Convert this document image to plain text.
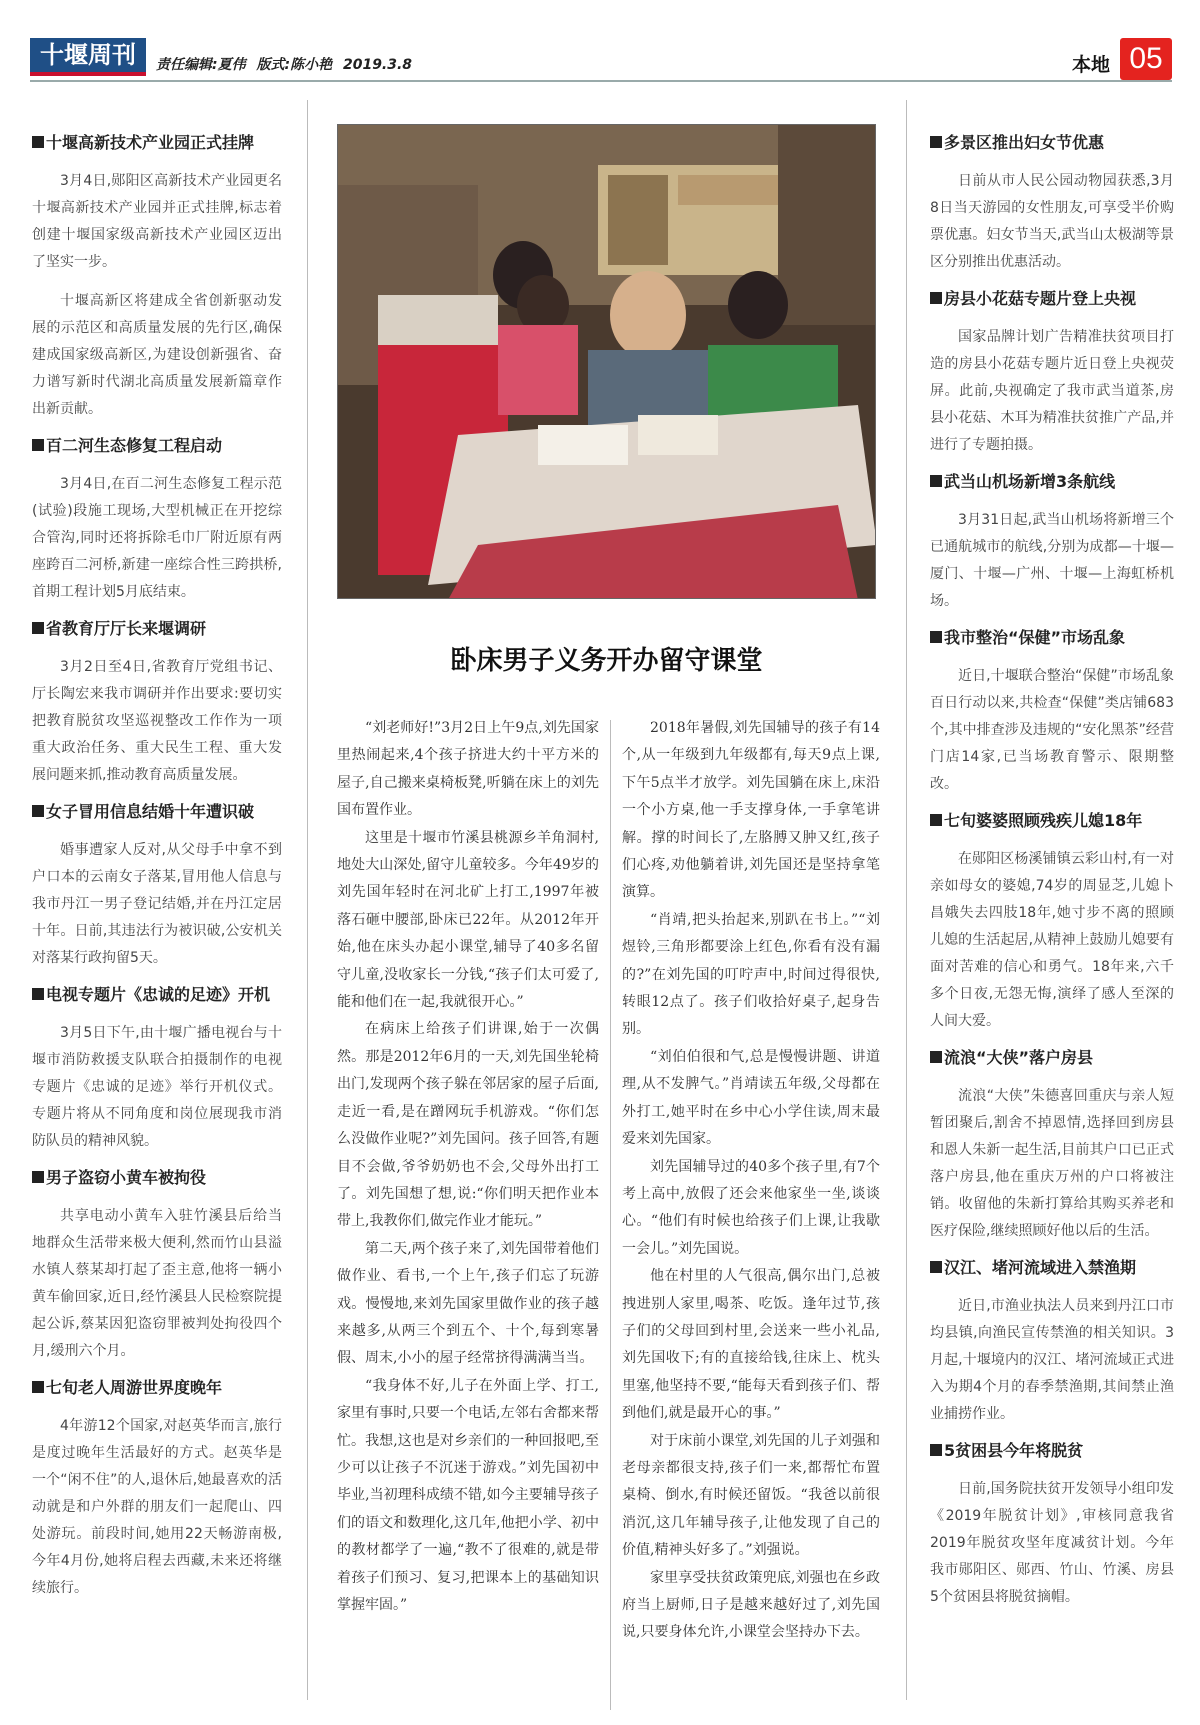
十堰周刊	责任编辑:夏伟 版式:陈小艳 2019.3.8	本地 05
十堰高新技术产业园正式挂牌

3月4日,郧阳区高新技术产业园更名十堰高新技术产业园并正式挂牌,标志着创建十堰国家级高新技术产业园区迈出了坚实一步。

十堰高新区将建成全省创新驱动发展的示范区和高质量发展的先行区,确保建成国家级高新区,为建设创新强省、奋力谱写新时代湖北高质量发展新篇章作出新贡献。

百二河生态修复工程启动

3月4日,在百二河生态修复工程示范(试验)段施工现场,大型机械正在开挖综合管沟,同时还将拆除毛巾厂附近原有两座跨百二河桥,新建一座综合性三跨拱桥,首期工程计划5月底结束。

省教育厅厅长来堰调研

3月2日至4日,省教育厅党组书记、厅长陶宏来我市调研并作出要求:要切实把教育脱贫攻坚巡视整改工作作为一项重大政治任务、重大民生工程、重大发展问题来抓,推动教育高质量发展。

女子冒用信息结婚十年遭识破

婚事遭家人反对,从父母手中拿不到户口本的云南女子落某,冒用他人信息与我市丹江一男子登记结婚,并在丹江定居十年。日前,其违法行为被识破,公安机关对落某行政拘留5天。

电视专题片《忠诚的足迹》开机

3月5日下午,由十堰广播电视台与十堰市消防救援支队联合拍摄制作的电视专题片《忠诚的足迹》举行开机仪式。专题片将从不同角度和岗位展现我市消防队员的精神风貌。

男子盗窃小黄车被拘役

共享电动小黄车入驻竹溪县后给当地群众生活带来极大便利,然而竹山县溢水镇人蔡某却打起了歪主意,他将一辆小黄车偷回家,近日,经竹溪县人民检察院提起公诉,蔡某因犯盗窃罪被判处拘役四个月,缓刑六个月。

七旬老人周游世界度晚年

4年游12个国家,对赵英华而言,旅行是度过晚年生活最好的方式。赵英华是一个“闲不住”的人,退休后,她最喜欢的活动就是和户外群的朋友们一起爬山、四处游玩。前段时间,她用22天畅游南极,今年4月份,她将启程去西藏,未来还将继续旅行。

卧床男子义务开办留守课堂

“刘老师好!”3月2日上午9点,刘先国家里热闹起来,4个孩子挤进大约十平方米的屋子,自己搬来桌椅板凳,听躺在床上的刘先国布置作业。

这里是十堰市竹溪县桃源乡羊角洞村,地处大山深处,留守儿童较多。今年49岁的刘先国年轻时在河北矿上打工,1997年被落石砸中腰部,卧床已22年。从2012年开始,他在床头办起小课堂,辅导了40多名留守儿童,没收家长一分钱,“孩子们太可爱了,能和他们在一起,我就很开心。”

在病床上给孩子们讲课,始于一次偶然。那是2012年6月的一天,刘先国坐轮椅出门,发现两个孩子躲在邻居家的屋子后面,走近一看,是在蹭网玩手机游戏。“你们怎么没做作业呢?”刘先国问。孩子回答,有题目不会做,爷爷奶奶也不会,父母外出打工了。刘先国想了想,说:“你们明天把作业本带上,我教你们,做完作业才能玩。”

第二天,两个孩子来了,刘先国带着他们做作业、看书,一个上午,孩子们忘了玩游戏。慢慢地,来刘先国家里做作业的孩子越来越多,从两三个到五个、十个,每到寒暑假、周末,小小的屋子经常挤得满满当当。

“我身体不好,儿子在外面上学、打工,家里有事时,只要一个电话,左邻右舍都来帮忙。我想,这也是对乡亲们的一种回报吧,至少可以让孩子不沉迷于游戏。”刘先国初中毕业,当初理科成绩不错,如今主要辅导孩子们的语文和数理化,这几年,他把小学、初中的教材都学了一遍,“教不了很难的,就是带着孩子们预习、复习,把课本上的基础知识掌握牢固。”

2018年暑假,刘先国辅导的孩子有14个,从一年级到九年级都有,每天9点上课,下午5点半才放学。刘先国躺在床上,床沿一个小方桌,他一手支撑身体,一手拿笔讲解。撑的时间长了,左胳膊又肿又红,孩子们心疼,劝他躺着讲,刘先国还是坚持拿笔演算。

“肖靖,把头抬起来,别趴在书上。”“刘煜铃,三角形都要涂上红色,你看有没有漏的?”在刘先国的叮咛声中,时间过得很快,转眼12点了。孩子们收拾好桌子,起身告别。

“刘伯伯很和气,总是慢慢讲题、讲道理,从不发脾气。”肖靖读五年级,父母都在外打工,她平时在乡中心小学住读,周末最爱来刘先国家。

刘先国辅导过的40多个孩子里,有7个考上高中,放假了还会来他家坐一坐,谈谈心。“他们有时候也给孩子们上课,让我歇一会儿。”刘先国说。

他在村里的人气很高,偶尔出门,总被拽进别人家里,喝茶、吃饭。逢年过节,孩子们的父母回到村里,会送来一些小礼品,刘先国收下;有的直接给钱,往床上、枕头里塞,他坚持不要,“能每天看到孩子们、帮到他们,就是最开心的事。”

对于床前小课堂,刘先国的儿子刘强和老母亲都很支持,孩子们一来,都帮忙布置桌椅、倒水,有时候还留饭。“我爸以前很消沉,这几年辅导孩子,让他发现了自己的价值,精神头好多了。”刘强说。

家里享受扶贫政策兜底,刘强也在乡政府当上厨师,日子是越来越好过了,刘先国说,只要身体允许,小课堂会坚持办下去。

多景区推出妇女节优惠

日前从市人民公园动物园获悉,3月8日当天游园的女性朋友,可享受半价购票优惠。妇女节当天,武当山太极湖等景区分别推出优惠活动。

房县小花菇专题片登上央视

国家品牌计划广告精准扶贫项目打造的房县小花菇专题片近日登上央视荧屏。此前,央视确定了我市武当道茶,房县小花菇、木耳为精准扶贫推广产品,并进行了专题拍摄。

武当山机场新增3条航线

3月31日起,武当山机场将新增三个已通航城市的航线,分别为成都—十堰—厦门、十堰—广州、十堰—上海虹桥机场。

我市整治“保健”市场乱象

近日,十堰联合整治“保健”市场乱象百日行动以来,共检查“保健”类店铺683个,其中排查涉及违规的“安化黑茶”经营门店14家,已当场教育警示、限期整改。

七旬婆婆照顾残疾儿媳18年

在郧阳区杨溪铺镇云彩山村,有一对亲如母女的婆媳,74岁的周显芝,儿媳卜昌娥失去四肢18年,她寸步不离的照顾儿媳的生活起居,从精神上鼓励儿媳要有面对苦难的信心和勇气。18年来,六千多个日夜,无怨无悔,演绎了感人至深的人间大爱。

流浪“大侠”落户房县

流浪“大侠”朱德喜回重庆与亲人短暂团聚后,割舍不掉恩情,选择回到房县和恩人朱新一起生活,目前其户口已正式落户房县,他在重庆万州的户口将被注销。收留他的朱新打算给其购买养老和医疗保险,继续照顾好他以后的生活。

汉江、堵河流域进入禁渔期

近日,市渔业执法人员来到丹江口市均县镇,向渔民宣传禁渔的相关知识。3月起,十堰境内的汉江、堵河流域正式进入为期4个月的春季禁渔期,其间禁止渔业捕捞作业。

5贫困县今年将脱贫

日前,国务院扶贫开发领导小组印发《2019年脱贫计划》,审核同意我省2019年脱贫攻坚年度减贫计划。今年我市郧阳区、郧西、竹山、竹溪、房县5个贫困县将脱贫摘帽。
